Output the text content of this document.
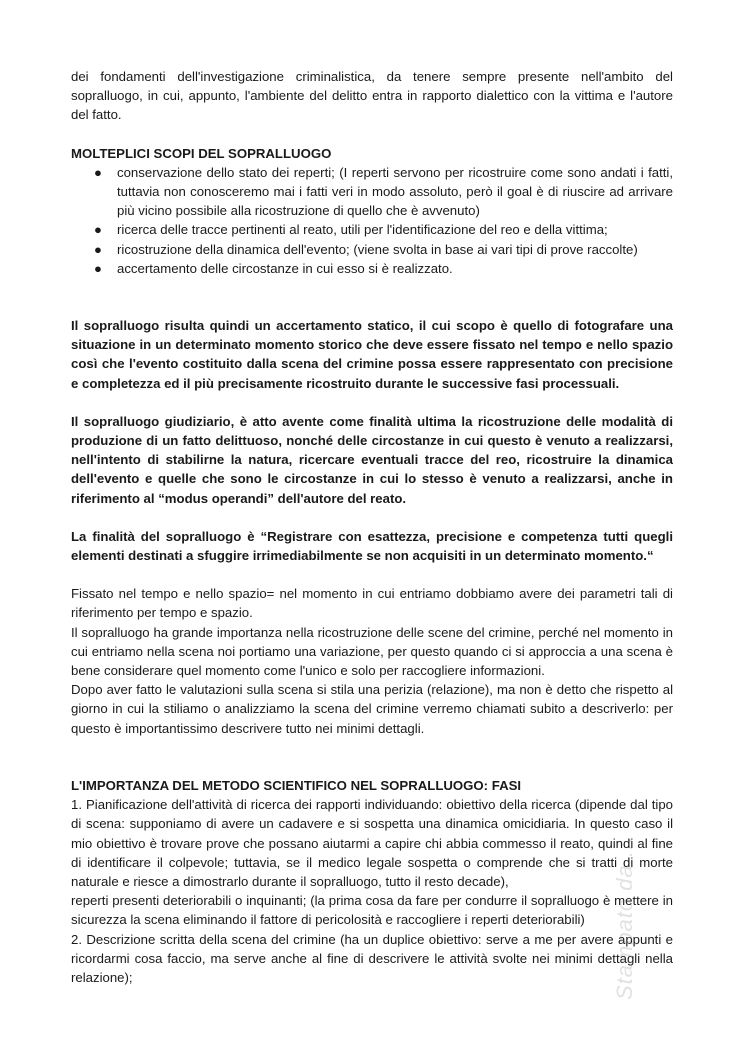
dei fondamenti dell'investigazione criminalistica, da tenere sempre presente nell'ambito del sopralluogo, in cui, appunto, l'ambiente del delitto entra in rapporto dialettico con la vittima e l'autore del fatto.

MOLTEPLICI SCOPI DEL SOPRALLUOGO

● conservazione dello stato dei reperti; (I reperti servono per ricostruire come sono andati i fatti, tuttavia non conosceremo mai i fatti veri in modo assoluto, però il goal è di riuscire ad arrivare più vicino possibile alla ricostruzione di quello che è avvenuto)
● ricerca delle tracce pertinenti al reato, utili per l'identificazione del reo e della vittima;
● ricostruzione della dinamica dell'evento; (viene svolta in base ai vari tipi di prove raccolte)
● accertamento delle circostanze in cui esso si è realizzato.

Il sopralluogo risulta quindi un accertamento statico, il cui scopo è quello di fotografare una situazione in un determinato momento storico che deve essere fissato nel tempo e nello spazio così che l'evento costituito dalla scena del crimine possa essere rappresentato con precisione e completezza ed il più precisamente ricostruito durante le successive fasi processuali.

Il sopralluogo giudiziario, è atto avente come finalità ultima la ricostruzione delle modalità di produzione di un fatto delittuoso, nonché delle circostanze in cui questo è venuto a realizzarsi, nell'intento di stabilirne la natura, ricercare eventuali tracce del reo, ricostruire la dinamica dell'evento e quelle che sono le circostanze in cui lo stesso è venuto a realizzarsi, anche in riferimento al “modus operandi” dell'autore del reato.

La finalità del sopralluogo è “Registrare con esattezza, precisione e competenza tutti quegli elementi destinati a sfuggire irrimediabilmente se non acquisiti in un determinato momento.“

Fissato nel tempo e nello spazio= nel momento in cui entriamo dobbiamo avere dei parametri tali di riferimento per tempo e spazio.

Il sopralluogo ha grande importanza nella ricostruzione delle scene del crimine, perché nel momento in cui entriamo nella scena noi portiamo una variazione, per questo quando ci si approccia a una scena è bene considerare quel momento come l'unico e solo per raccogliere informazioni.

Dopo aver fatto le valutazioni sulla scena si stila una perizia (relazione), ma non è detto che rispetto al giorno in cui la stiliamo o analizziamo la scena del crimine verremo chiamati subito a descriverlo: per questo è importantissimo descrivere tutto nei minimi dettagli.

L'IMPORTANZA DEL METODO SCIENTIFICO NEL SOPRALLUOGO: FASI

1. Pianificazione dell'attività di ricerca dei rapporti individuando: obiettivo della ricerca (dipende dal tipo di scena: supponiamo di avere un cadavere e si sospetta una dinamica omicidiaria. In questo caso il mio obiettivo è trovare prove che possano aiutarmi a capire chi abbia commesso il reato, quindi al fine di identificare il colpevole; tuttavia, se il medico legale sospetta o comprende che si tratti di morte naturale e riesce a dimostrarlo durante il sopralluogo, tutto il resto decade),

reperti presenti deteriorabili o inquinanti; (la prima cosa da fare per condurre il sopralluogo è mettere in sicurezza la scena eliminando il fattore di pericolosità e raccogliere i reperti deteriorabili)

2. Descrizione scritta della scena del crimine (ha un duplice obiettivo: serve a me per avere appunti e ricordarmi cosa faccio, ma serve anche al fine di descrivere le attività svolte nei minimi dettagli nella relazione);	Stampato da ...
